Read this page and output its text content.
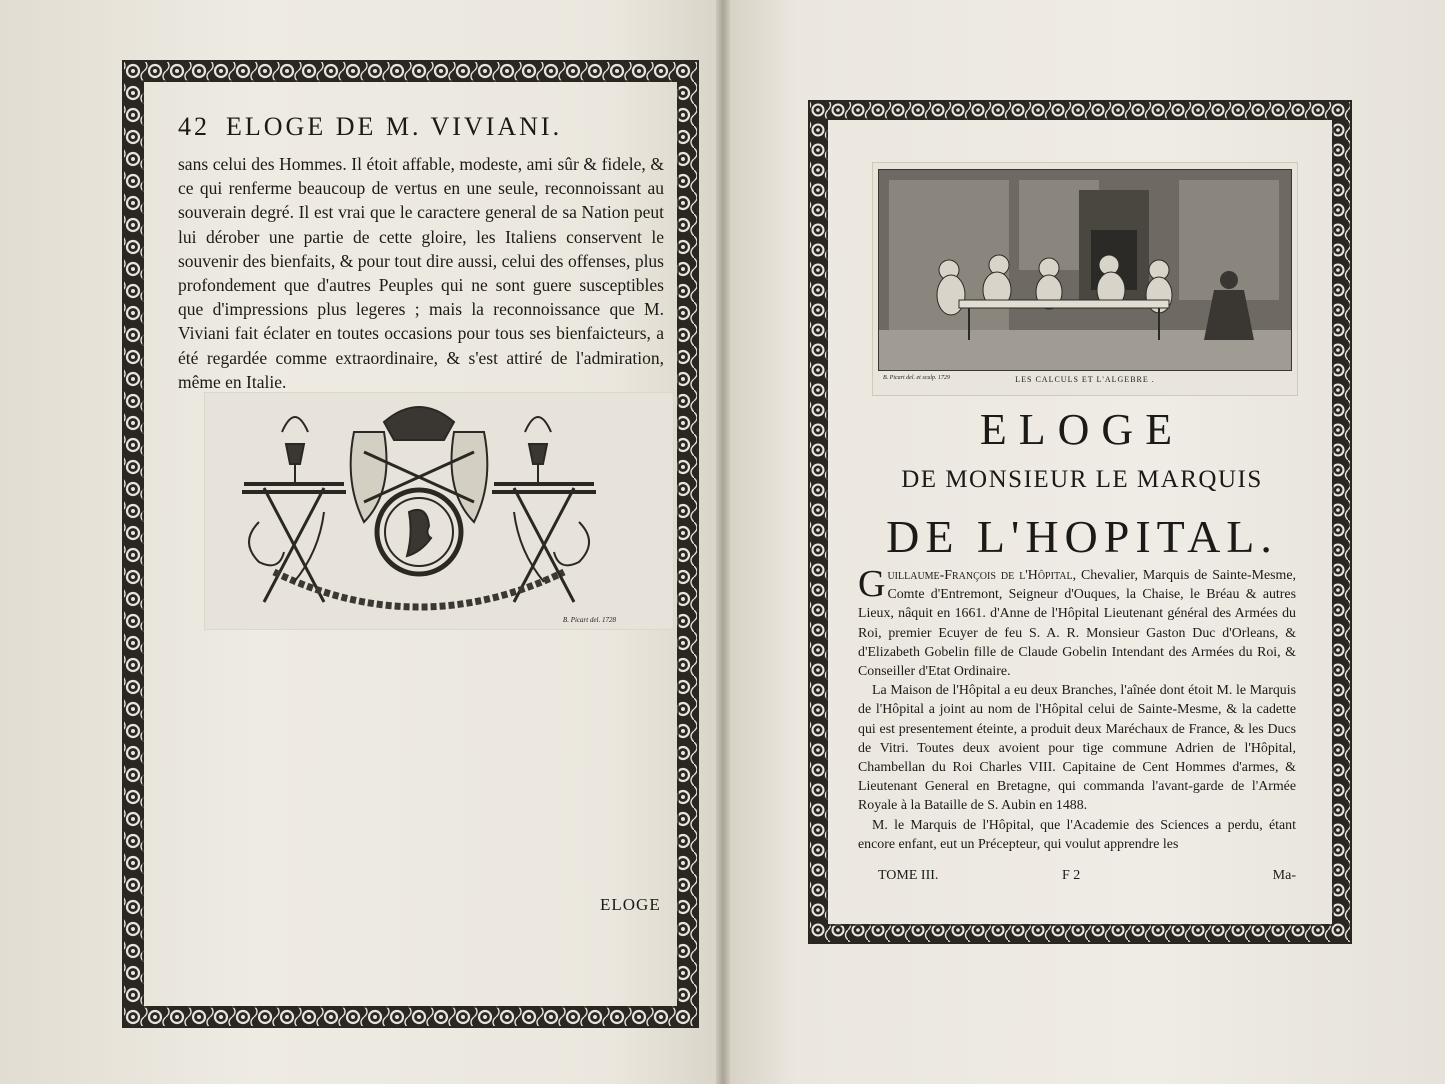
42 ELOGE DE M. VIVIANI.

sans celui des Hommes. Il étoit affable, modeste, ami sûr & fidele, & ce qui renferme beaucoup de vertus en une seule, reconnoissant au souverain degré. Il est vrai que le caractere general de sa Nation peut lui dérober une partie de cette gloire, les Italiens conservent le souvenir des bienfaits, & pour tout dire aussi, celui des offenses, plus profondement que d'autres Peuples qui ne sont guere susceptibles que d'impressions plus legeres ; mais la reconnoissance que M. Viviani fait éclater en toutes occasions pour tous ses bienfaicteurs, a été regardée comme extraordinaire, & s'est attiré de l'admiration, même en Italie.

B. Picart del. 1728
ELOGE
B. Picart del. et sculp. 1729	LES CALCULS ET L'ALGEBRE .
ELOGE
DE MONSIEUR LE MARQUIS
DE L'HOPITAL.

Guillaume-François de l'Hôpital, Chevalier, Marquis de Sainte-Mesme, Comte d'Entremont, Seigneur d'Ouques, la Chaise, le Bréau & autres Lieux, nâquit en 1661. d'Anne de l'Hôpital Lieutenant général des Armées du Roi, premier Ecuyer de feu S. A. R. Monsieur Gaston Duc d'Orleans, & d'Elizabeth Gobelin fille de Claude Gobelin Intendant des Armées du Roi, & Conseiller d'Etat Ordinaire.

La Maison de l'Hôpital a eu deux Branches, l'aînée dont étoit M. le Marquis de l'Hôpital a joint au nom de l'Hôpital celui de Sainte-Mesme, & la cadette qui est presentement éteinte, a produit deux Maréchaux de France, & les Ducs de Vitri. Toutes deux avoient pour tige commune Adrien de l'Hôpital, Chambellan du Roi Charles VIII. Capitaine de Cent Hommes d'armes, & Lieutenant General en Bretagne, qui commanda l'avant-garde de l'Armée Royale à la Bataille de S. Aubin en 1488.

M. le Marquis de l'Hôpital, que l'Academie des Sciences a perdu, étant encore enfant, eut un Précepteur, qui voulut apprendre les

TOME III.	F 2	Ma-
